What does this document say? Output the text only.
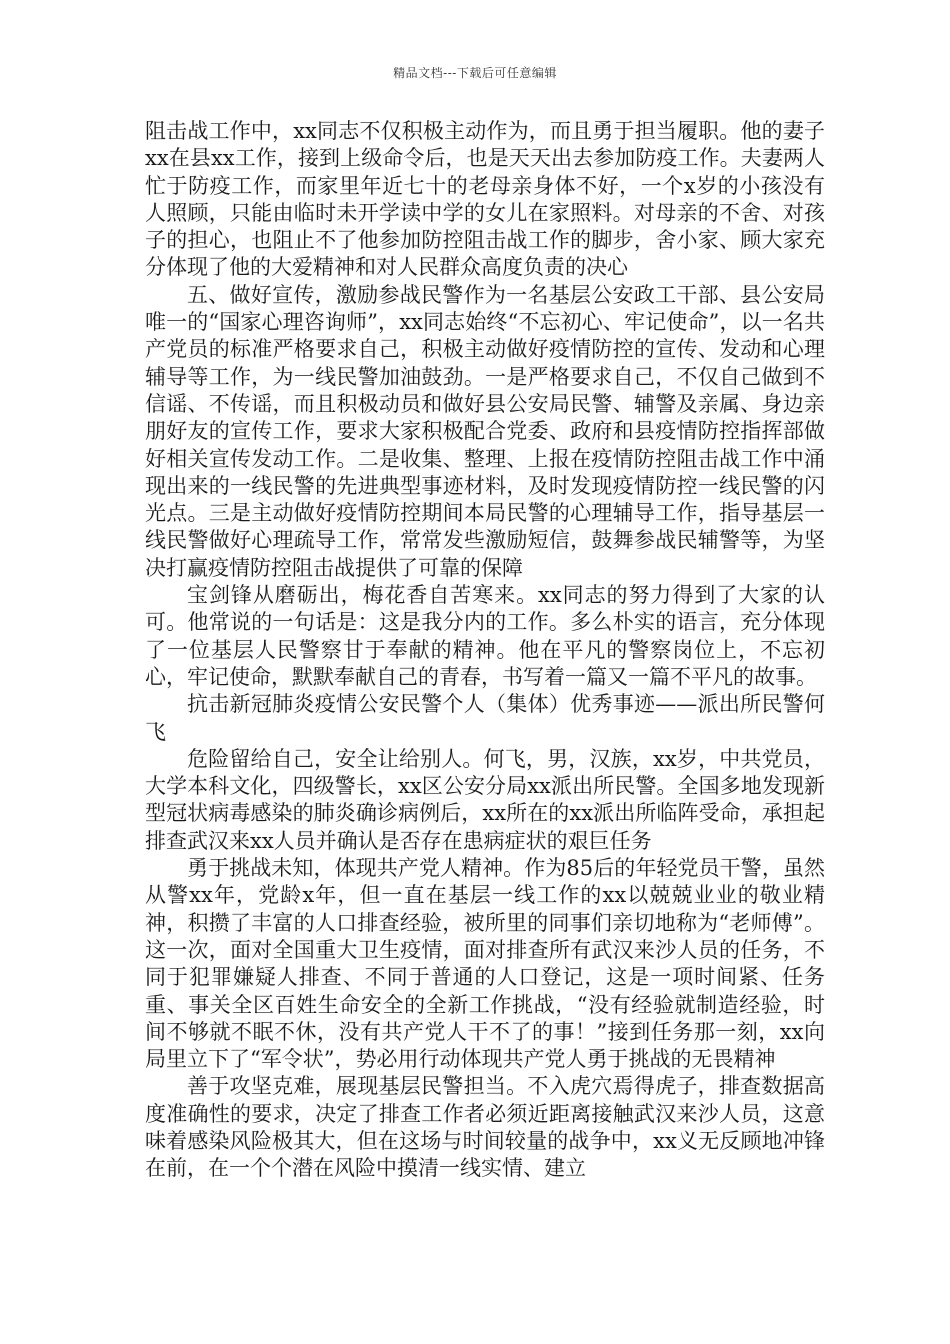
精品文档---下载后可任意编辑

阻击战工作中，xx同志不仅积极主动作为，而且勇于担当履职。他的妻子xx在县xx工作，接到上级命令后，也是天天出去参加防疫工作。夫妻两人忙于防疫工作，而家里年近七十的老母亲身体不好，一个x岁的小孩没有人照顾，只能由临时未开学读中学的女儿在家照料。对母亲的不舍、对孩子的担心，也阻止不了他参加防控阻击战工作的脚步，舍小家、顾大家充分体现了他的大爱精神和对人民群众高度负责的决心

五、做好宣传，激励参战民警作为一名基层公安政工干部、县公安局唯一的“国家心理咨询师”，xx同志始终“不忘初心、牢记使命”，以一名共产党员的标准严格要求自己，积极主动做好疫情防控的宣传、发动和心理辅导等工作，为一线民警加油鼓劲。一是严格要求自己，不仅自己做到不信谣、不传谣，而且积极动员和做好县公安局民警、辅警及亲属、身边亲朋好友的宣传工作，要求大家积极配合党委、政府和县疫情防控指挥部做好相关宣传发动工作。二是收集、整理、上报在疫情防控阻击战工作中涌现出来的一线民警的先进典型事迹材料，及时发现疫情防控一线民警的闪光点。三是主动做好疫情防控期间本局民警的心理辅导工作，指导基层一线民警做好心理疏导工作，常常发些激励短信，鼓舞参战民辅警等，为坚决打赢疫情防控阻击战提供了可靠的保障

宝剑锋从磨砺出，梅花香自苦寒来。xx同志的努力得到了大家的认可。他常说的一句话是：这是我分内的工作。多么朴实的语言，充分体现了一位基层人民警察甘于奉献的精神。他在平凡的警察岗位上，不忘初心，牢记使命，默默奉献自己的青春，书写着一篇又一篇不平凡的故事。

抗击新冠肺炎疫情公安民警个人（集体）优秀事迹——派出所民警何飞

危险留给自己，安全让给别人。何飞，男，汉族，xx岁，中共党员，大学本科文化，四级警长，xx区公安分局xx派出所民警。全国多地发现新型冠状病毒感染的肺炎确诊病例后，xx所在的xx派出所临阵受命，承担起排查武汉来xx人员并确认是否存在患病症状的艰巨任务

勇于挑战未知，体现共产党人精神。作为85后的年轻党员干警，虽然从警xx年，党龄x年，但一直在基层一线工作的xx以兢兢业业的敬业精神，积攒了丰富的人口排查经验，被所里的同事们亲切地称为“老师傅”。这一次，面对全国重大卫生疫情，面对排查所有武汉来沙人员的任务，不同于犯罪嫌疑人排查、不同于普通的人口登记，这是一项时间紧、任务重、事关全区百姓生命安全的全新工作挑战，“没有经验就制造经验，时间不够就不眠不休，没有共产党人干不了的事！”接到任务那一刻，xx向局里立下了“军令状”，势必用行动体现共产党人勇于挑战的无畏精神

善于攻坚克难，展现基层民警担当。不入虎穴焉得虎子，排查数据高度准确性的要求，决定了排查工作者必须近距离接触武汉来沙人员，这意味着感染风险极其大，但在这场与时间较量的战争中，xx义无反顾地冲锋在前，在一个个潜在风险中摸清一线实情、建立
